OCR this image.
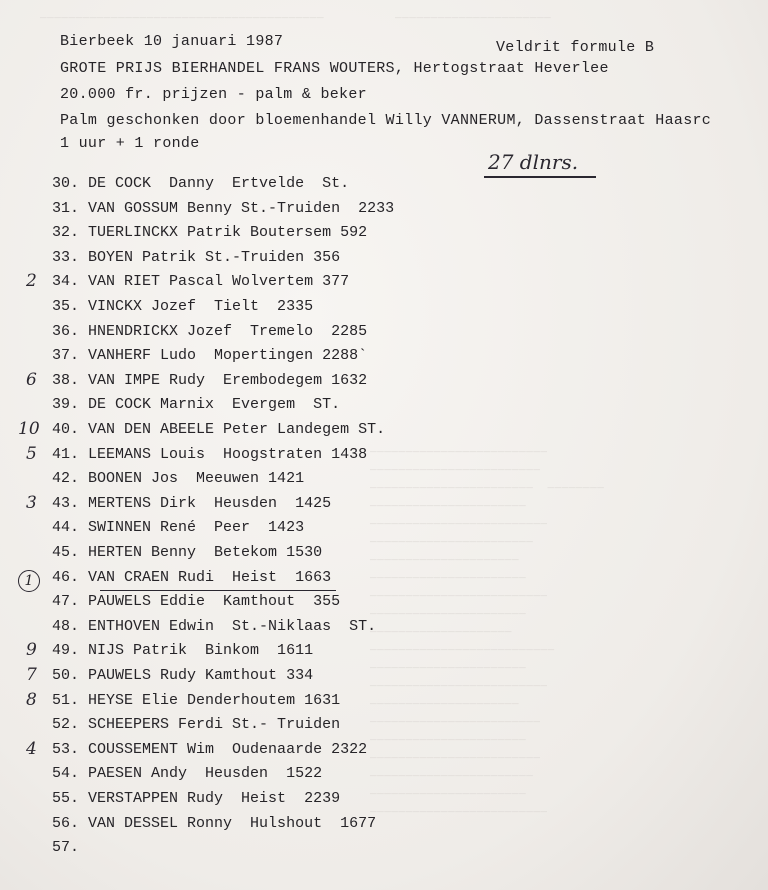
________________________________________          ______________________
_________________________
________________________
_______________________  ________
______________________
_________________________
_______________________
_____________________
______________________
_________________________
______________________
____________________
__________________________
______________________
_________________________
_____________________
________________________
______________________
________________________
_______________________
______________________
_________________________
Bierbeek 10 januari 1987	Veldrit formule B
GROTE PRIJS BIERHANDEL FRANS WOUTERS, Hertogstraat Heverlee
20.000 fr. prijzen - palm & beker
Palm geschonken door bloemenhandel Willy VANNERUM, Dassenstraat Haasrc
1 uur + 1 ronde
27 dlnrs.
30. DE COCK  Danny  Ertvelde  St.
31. VAN GOSSUM Benny St.-Truiden  2233
32. TUERLINCKX Patrik Boutersem 592
33. BOYEN Patrik St.-Truiden 356
34. VAN RIET Pascal Wolvertem 377
2
35. VINCKX Jozef  Tielt  2335
36. HNENDRICKX Jozef  Tremelo  2285
37. VANHERF Ludo  Mopertingen 2288`
38. VAN IMPE Rudy  Erembodegem 1632
6
39. DE COCK Marnix  Evergem  ST.
40. VAN DEN ABEELE Peter Landegem ST.
10
41. LEEMANS Louis  Hoogstraten 1438
5
42. BOONEN Jos  Meeuwen 1421
43. MERTENS Dirk  Heusden  1425
3
44. SWINNEN René  Peer  1423
45. HERTEN Benny  Betekom 1530
46. VAN CRAEN Rudi  Heist  1663
1
47. PAUWELS Eddie  Kamthout  355
48. ENTHOVEN Edwin  St.-Niklaas  ST.
49. NIJS Patrik  Binkom  1611
9
50. PAUWELS Rudy Kamthout 334
7
51. HEYSE Elie Denderhoutem 1631
8
52. SCHEEPERS Ferdi St.- Truiden
53. COUSSEMENT Wim  Oudenaarde 2322
4
54. PAESEN Andy  Heusden  1522
55. VERSTAPPEN Rudy  Heist  2239
56. VAN DESSEL Ronny  Hulshout  1677
57.
